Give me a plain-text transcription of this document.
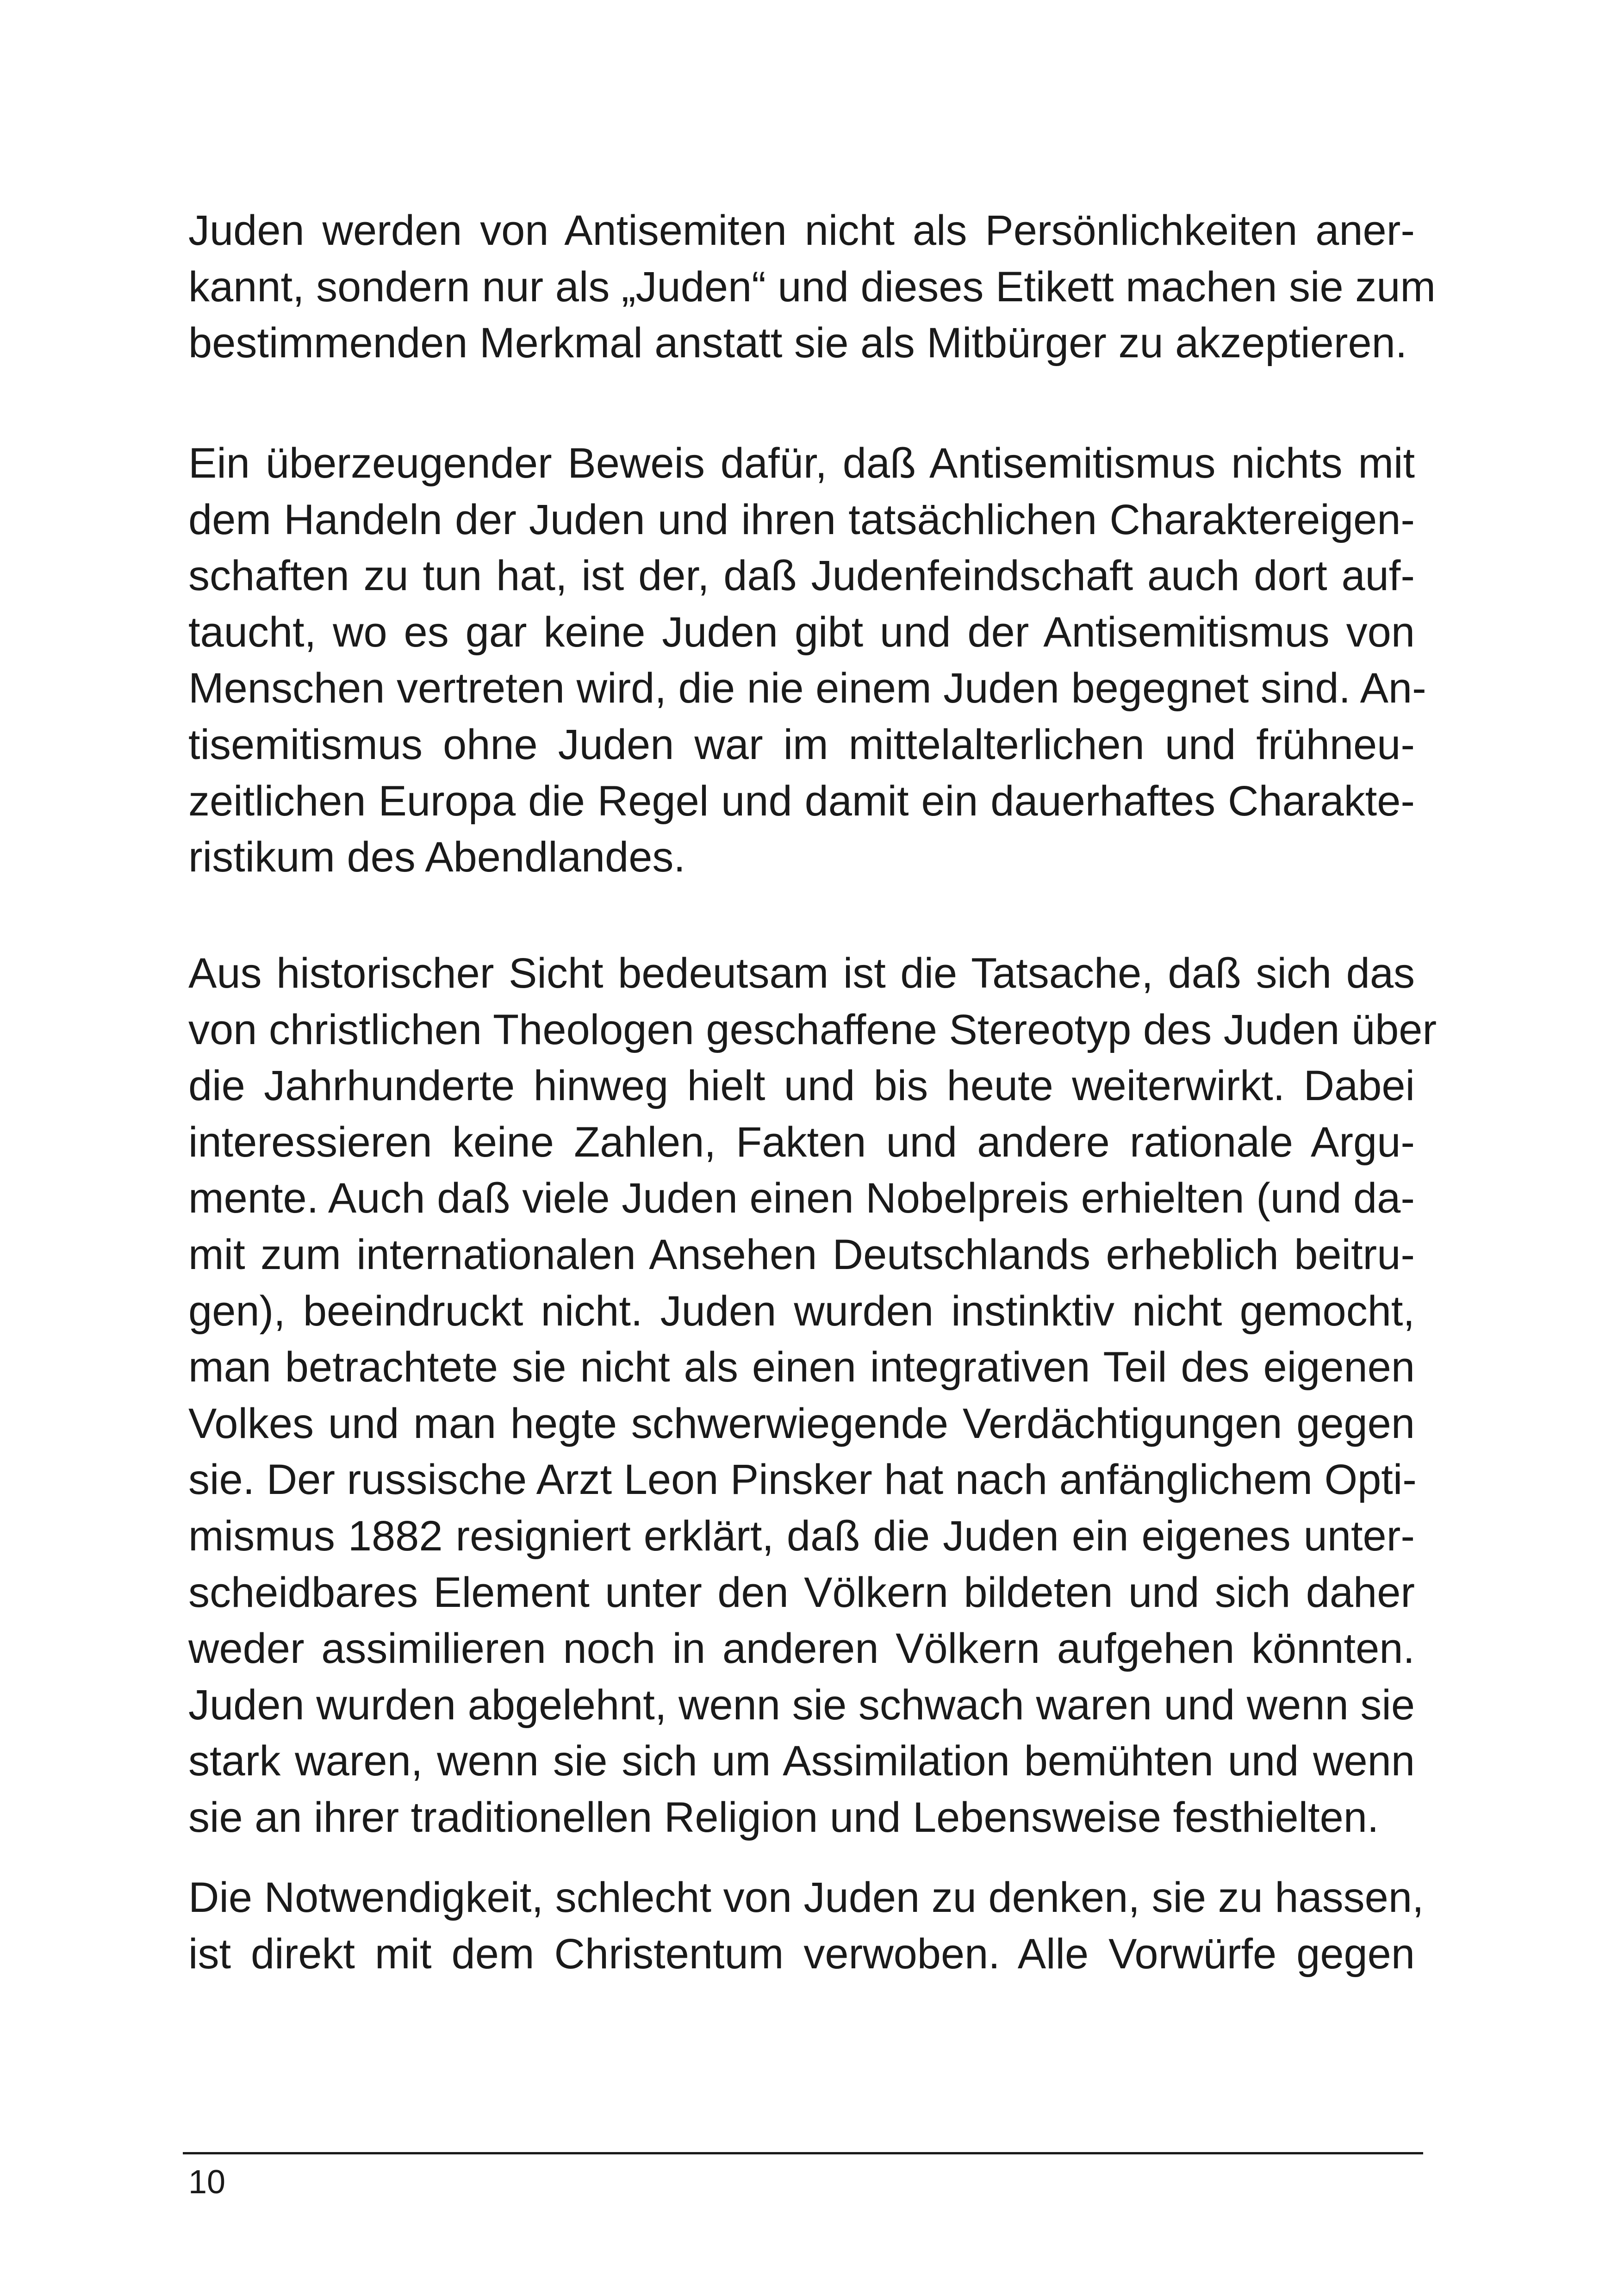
Juden werden von Antisemiten nicht als Persönlichkeiten aner-
kannt, sondern nur als „Juden“ und dieses Etikett machen sie zum
bestimmenden Merkmal anstatt sie als Mitbürger zu akzeptieren.
Ein überzeugender Beweis dafür, daß Antisemitismus nichts mit
dem Handeln der Juden und ihren tatsächlichen Charaktereigen-
schaften zu tun hat, ist der, daß Judenfeindschaft auch dort auf-
taucht, wo es gar keine Juden gibt und der Antisemitismus von
Menschen vertreten wird, die nie einem Juden begegnet sind. An-
tisemitismus ohne Juden war im mittelalterlichen und frühneu-
zeitlichen Europa die Regel und damit ein dauerhaftes Charakte-
ristikum des Abendlandes.
Aus historischer Sicht bedeutsam ist die Tatsache, daß sich das
von christlichen Theologen geschaffene Stereotyp des Juden über
die Jahrhunderte hinweg hielt und bis heute weiterwirkt. Dabei
interessieren keine Zahlen, Fakten und andere rationale Argu-
mente. Auch daß viele Juden einen Nobelpreis erhielten (und da-
mit zum internationalen Ansehen Deutschlands erheblich beitru-
gen), beeindruckt nicht. Juden wurden instinktiv nicht gemocht,
man betrachtete sie nicht als einen integrativen Teil des eigenen
Volkes und man hegte schwerwiegende Verdächtigungen gegen
sie. Der russische Arzt Leon Pinsker hat nach anfänglichem Opti-
mismus 1882 resigniert erklärt, daß die Juden ein eigenes unter-
scheidbares Element unter den Völkern bildeten und sich daher
weder assimilieren noch in anderen Völkern aufgehen könnten.
Juden wurden abgelehnt, wenn sie schwach waren und wenn sie
stark waren, wenn sie sich um Assimilation bemühten und wenn
sie an ihrer traditionellen Religion und Lebensweise festhielten.
Die Notwendigkeit, schlecht von Juden zu denken, sie zu hassen,
ist direkt mit dem Christentum verwoben. Alle Vorwürfe gegen
10
